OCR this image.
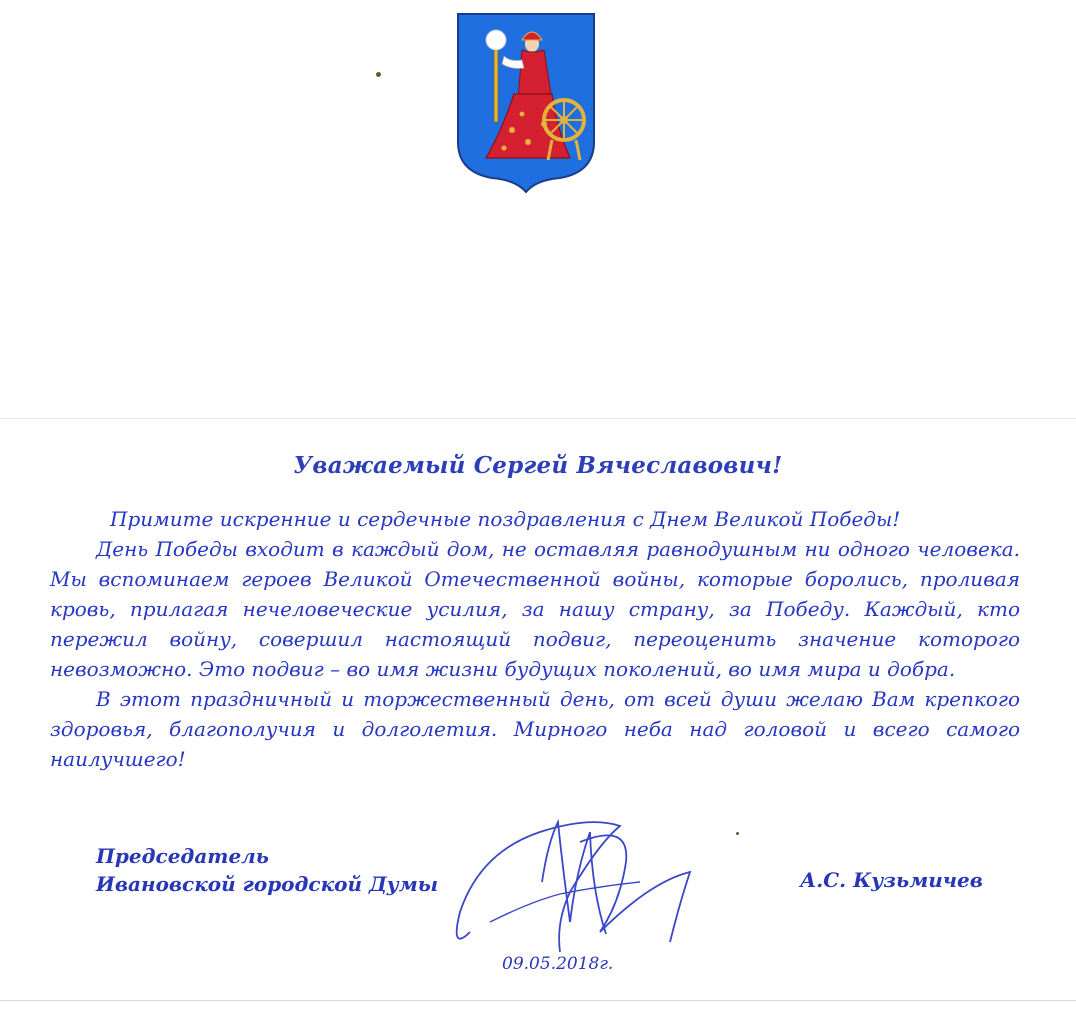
Уважаемый Сергей Вячеславович!

Примите искренние и сердечные поздравления с Днем Великой Победы!

День Победы входит в каждый дом, не оставляя равнодушным ни одного человека. Мы вспоминаем героев Великой Отечественной войны, которые боролись, проливая кровь, прилагая нечеловеческие усилия, за нашу страну, за Победу. Каждый, кто пережил войну, совершил настоящий подвиг, переоценить значение которого невозможно. Это подвиг – во имя жизни будущих поколений, во имя мира и добра.

В этот праздничный и торжественный день, от всей души желаю Вам крепкого здоровья, благополучия и долголетия. Мирного неба над головой и всего самого наилучшего!

Председатель
Ивановской городской Думы	А.С. Кузьмичев
09.05.2018г.
